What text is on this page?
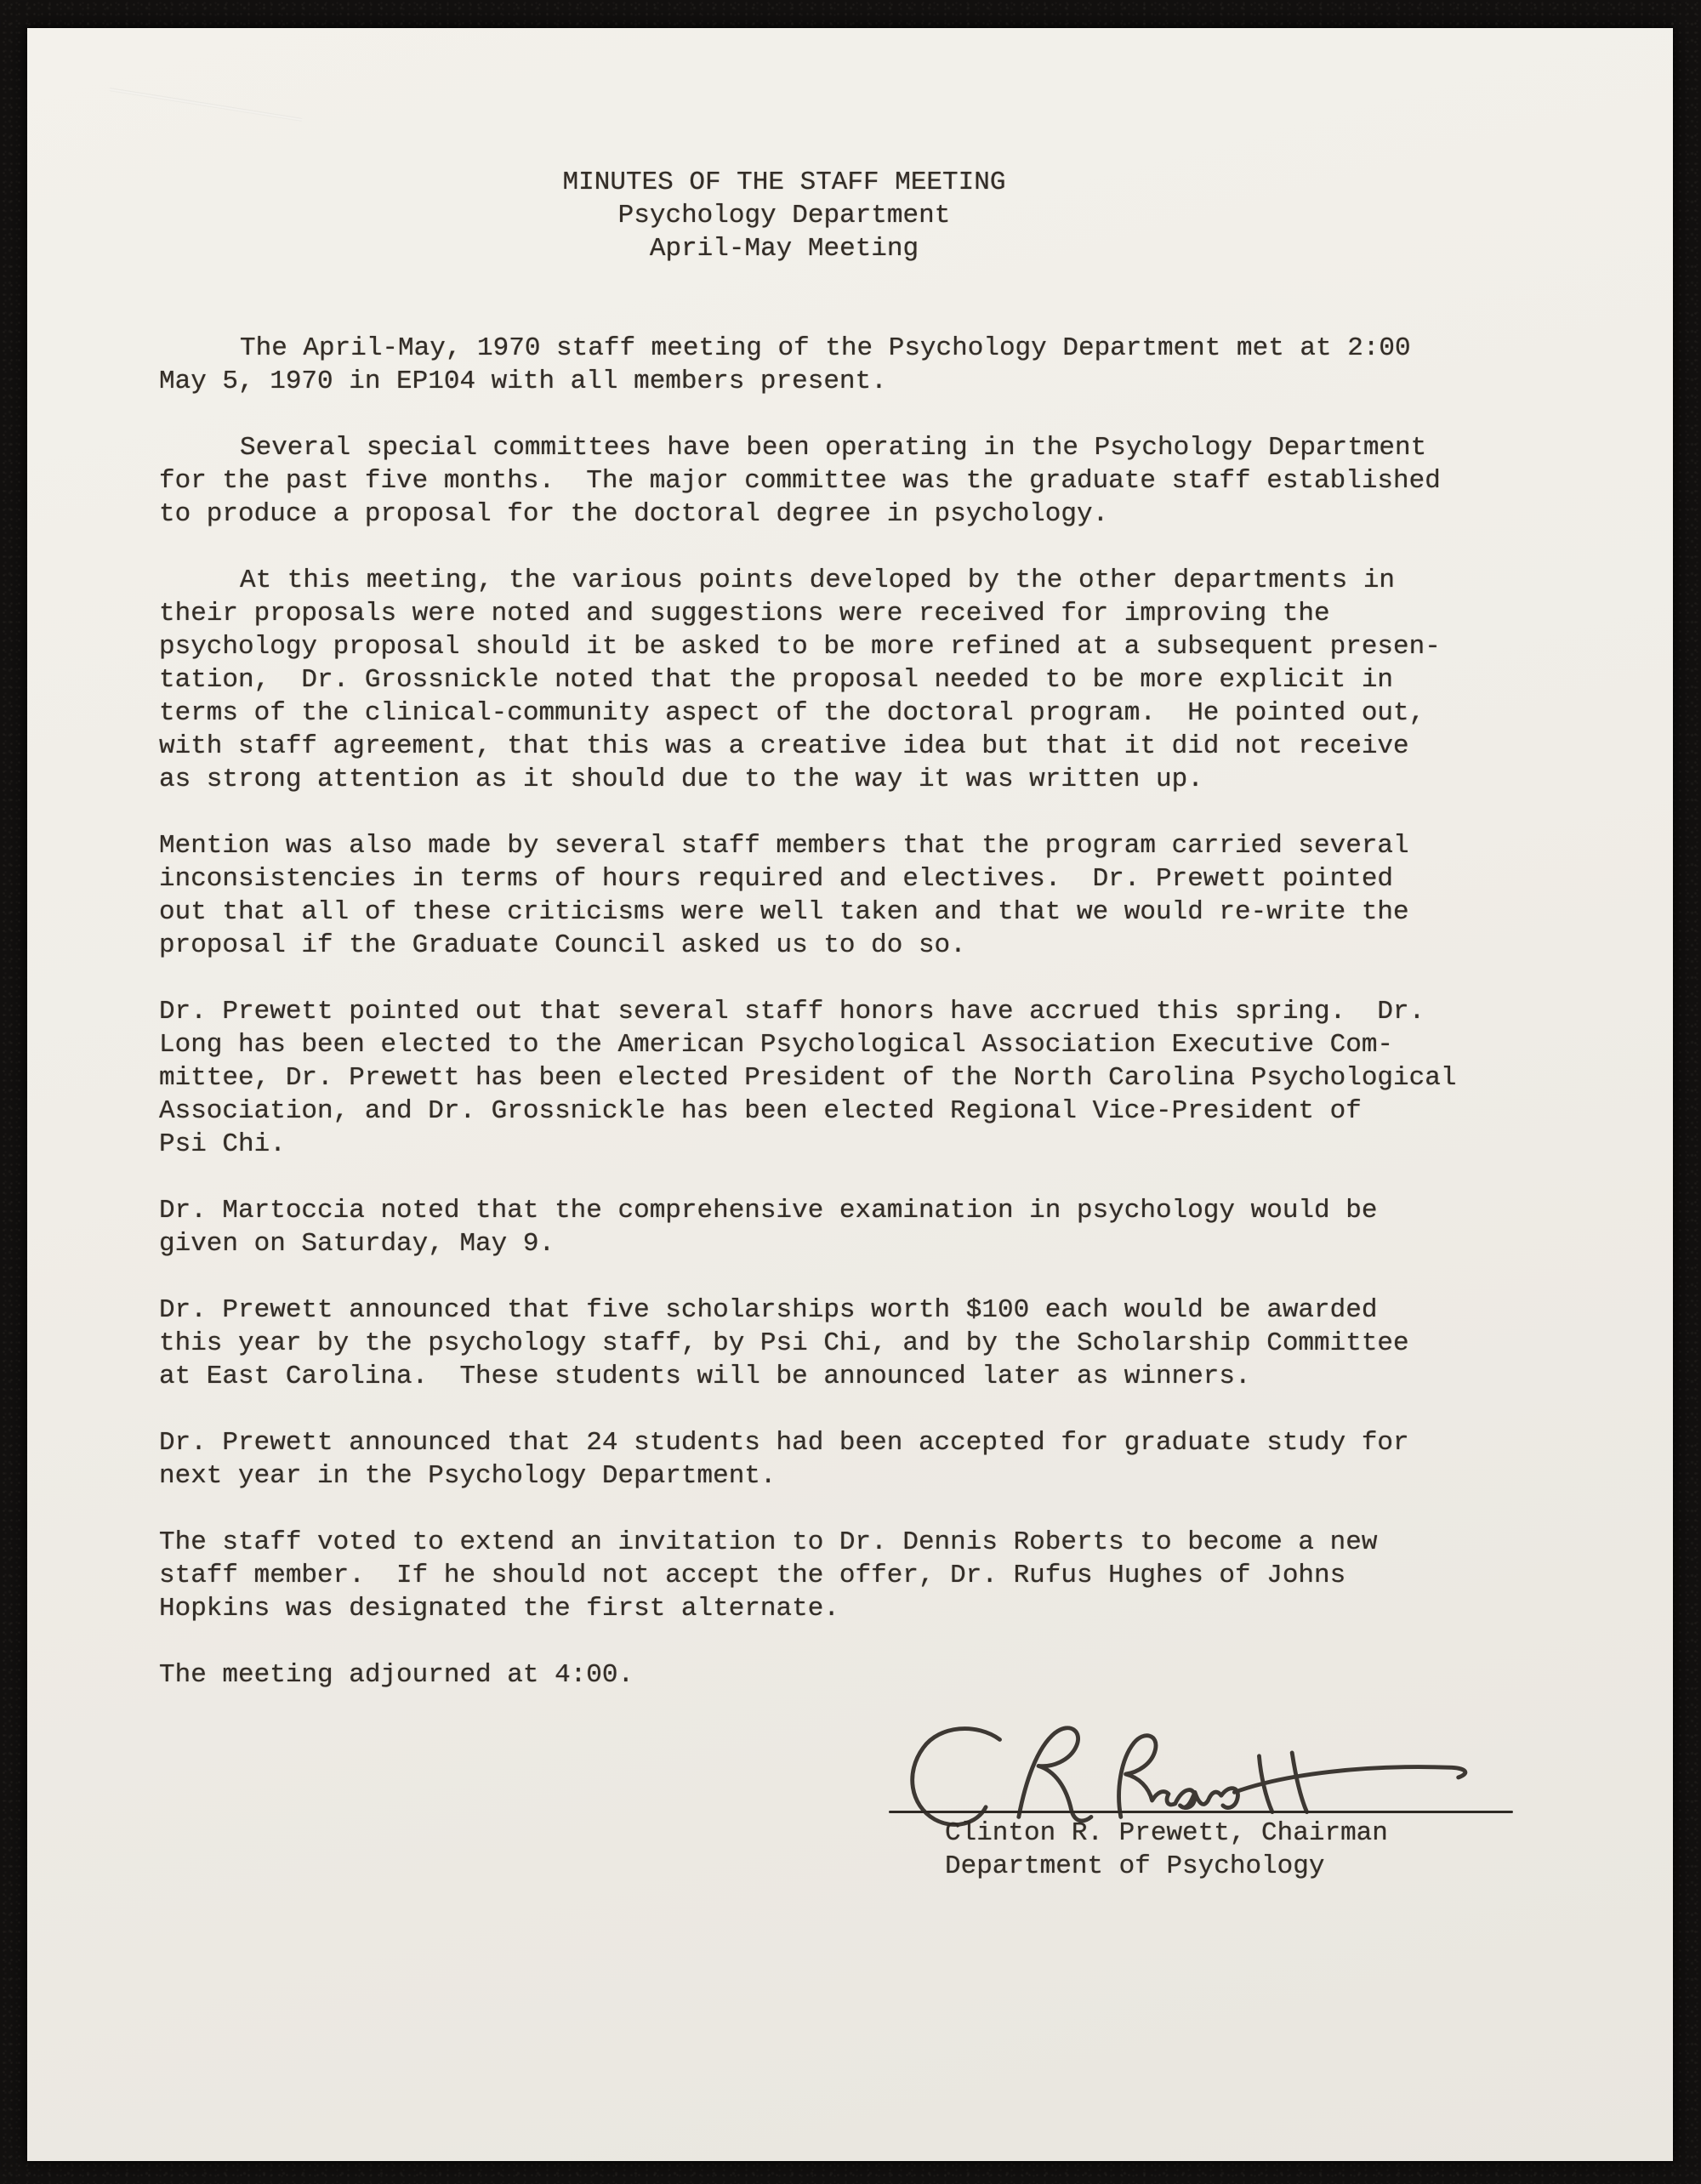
MINUTES OF THE STAFF MEETING
Psychology Department
April-May Meeting
The April-May, 1970 staff meeting of the Psychology Department met at 2:00
May 5, 1970 in EP104 with all members present.
Several special committees have been operating in the Psychology Department
for the past five months.  The major committee was the graduate staff established
to produce a proposal for the doctoral degree in psychology.
At this meeting, the various points developed by the other departments in
their proposals were noted and suggestions were received for improving the
psychology proposal should it be asked to be more refined at a subsequent presen-
tation,  Dr. Grossnickle noted that the proposal needed to be more explicit in
terms of the clinical-community aspect of the doctoral program.  He pointed out,
with staff agreement, that this was a creative idea but that it did not receive
as strong attention as it should due to the way it was written up.
Mention was also made by several staff members that the program carried several
inconsistencies in terms of hours required and electives.  Dr. Prewett pointed
out that all of these criticisms were well taken and that we would re-write the
proposal if the Graduate Council asked us to do so.
Dr. Prewett pointed out that several staff honors have accrued this spring.  Dr.
Long has been elected to the American Psychological Association Executive Com-
mittee, Dr. Prewett has been elected President of the North Carolina Psychological
Association, and Dr. Grossnickle has been elected Regional Vice-President of
Psi Chi.
Dr. Martoccia noted that the comprehensive examination in psychology would be
given on Saturday, May 9.
Dr. Prewett announced that five scholarships worth $100 each would be awarded
this year by the psychology staff, by Psi Chi, and by the Scholarship Committee
at East Carolina.  These students will be announced later as winners.
Dr. Prewett announced that 24 students had been accepted for graduate study for
next year in the Psychology Department.
The staff voted to extend an invitation to Dr. Dennis Roberts to become a new
staff member.  If he should not accept the offer, Dr. Rufus Hughes of Johns
Hopkins was designated the first alternate.
The meeting adjourned at 4:00.
Clinton R. Prewett, Chairman
Department of Psychology
